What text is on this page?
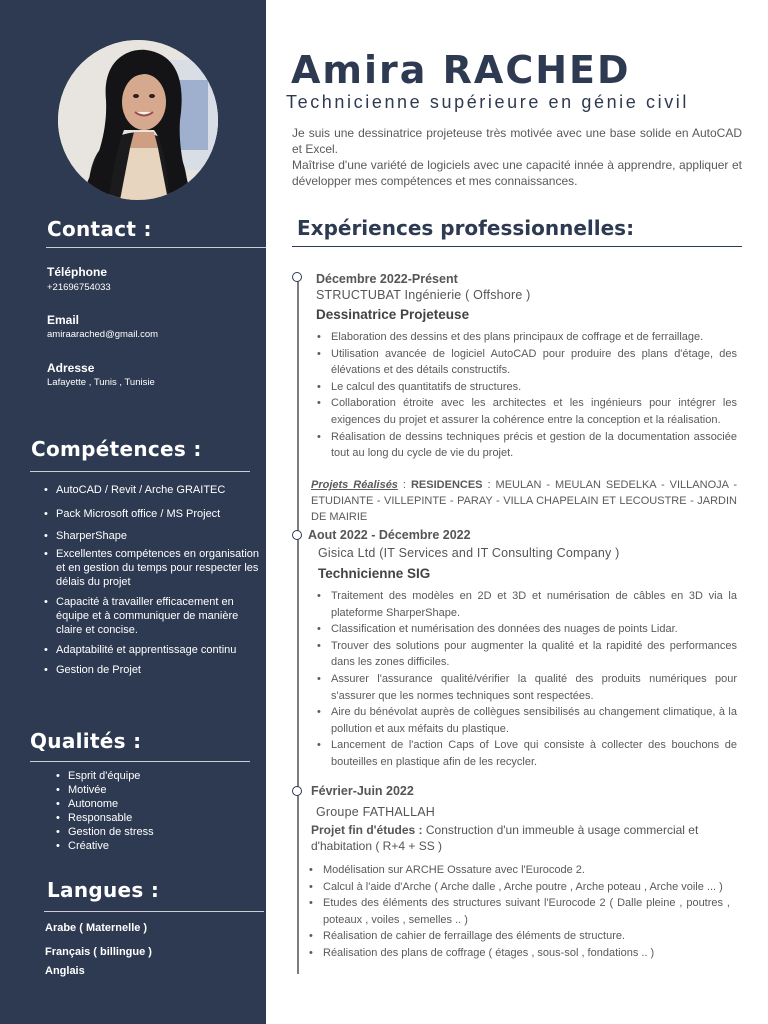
Contact :
Téléphone
+21696754033
Email
amiraarached@gmail.com
Adresse
Lafayette , Tunis , Tunisie
Compétences :
• AutoCAD / Revit / Arche GRAITEC
• Pack Microsoft office / MS Project
• SharperShape
• Excellentes compétences en organisation et en gestion du temps pour respecter les délais du projet
• Capacité à travailler efficacement en équipe et à communiquer de manière claire et concise.
• Adaptabilité et apprentissage continu
• Gestion de Projet
Qualités :
• Esprit d'équipe
• Motivée
• Autonome
• Responsable
• Gestion de stress
• Créative
Langues :
Arabe ( Maternelle )
Français ( billingue )
Anglais
Amira RACHED
Technicienne supérieure en génie civil
Je suis une dessinatrice projeteuse très motivée avec une base solide en AutoCAD et Excel.
Maîtrise d'une variété de logiciels avec une capacité innée à apprendre, appliquer et développer mes compétences et mes connaissances.
Expériences professionnelles:
Décembre 2022-Présent
STRUCTUBAT Ingénierie ( Offshore )
Dessinatrice Projeteuse
• Elaboration des dessins et des plans principaux de coffrage et de ferraillage.
• Utilisation avancée de logiciel AutoCAD pour produire des plans d'étage, des élévations et des détails constructifs.
• Le calcul des quantitatifs de structures.
• Collaboration étroite avec les architectes et les ingénieurs pour intégrer les exigences du projet et assurer la cohérence entre la conception et la réalisation.
• Réalisation de dessins techniques précis et gestion de la documentation associée tout au long du cycle de vie du projet.
Projets Réalisés : RESIDENCES : MEULAN - MEULAN SEDELKA - VILLANOJA - ETUDIANTE - VILLEPINTE - PARAY - VILLA CHAPELAIN ET LECOUSTRE - JARDIN DE MAIRIE
Aout 2022 - Décembre 2022
Gisica Ltd (IT Services and IT Consulting Company )
Technicienne SIG
• Traitement des modèles en 2D et 3D et numérisation de câbles en 3D via la plateforme SharperShape.
• Classification et numérisation des données des nuages de points Lidar.
• Trouver des solutions pour augmenter la qualité et la rapidité des performances dans les zones difficiles.
• Assurer l'assurance qualité/vérifier la qualité des produits numériques pour s'assurer que les normes techniques sont respectées.
• Aire du bénévolat auprès de collègues sensibilisés au changement climatique, à la pollution et aux méfaits du plastique.
• Lancement de l'action Caps of Love qui consiste à collecter des bouchons de bouteilles en plastique afin de les recycler.
Février-Juin 2022
Groupe FATHALLAH
Projet fin d'études : Construction d'un immeuble à usage commercial et d'habitation ( R+4 + SS )
• Modélisation sur ARCHE Ossature avec l'Eurocode 2.
• Calcul à l'aide d'Arche ( Arche dalle , Arche poutre , Arche poteau , Arche voile ... )
• Etudes des éléments des structures suivant l'Eurocode 2 ( Dalle pleine , poutres , poteaux , voiles , semelles .. )
• Réalisation de cahier de ferraillage des éléments de structure.
• Réalisation des plans de coffrage ( étages , sous-sol , fondations .. )
